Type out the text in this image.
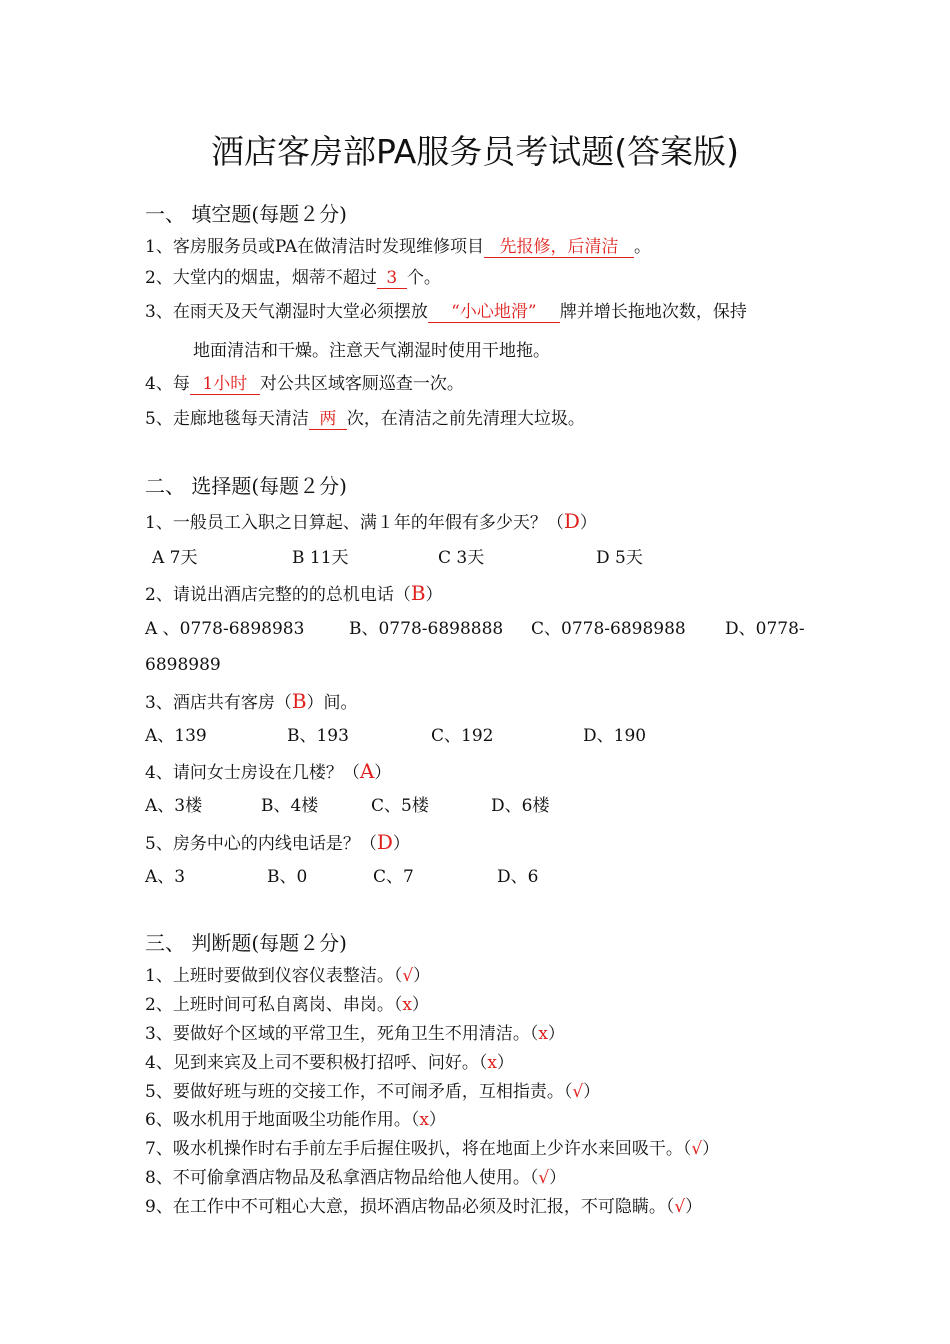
酒店客房部PA服务员考试题(答案版)
一、 填空题(每题２分)
1、客房服务员或PA在做清洁时发现维修项目 先报修，后清洁 。
2、大堂内的烟盅，烟蒂不超过 3 个。
3、在雨天及天气潮湿时大堂必须摆放 “小心地滑” 牌并增长拖地次数，保持
地面清洁和干燥。注意天气潮湿时使用干地拖。
4、每 1小时 对公共区域客厕巡查一次。
5、走廊地毯每天清洁 两 次，在清洁之前先清理大垃圾。
二、 选择题(每题２分)
1、一般员工入职之日算起、满１年的年假有多少天？（D）
A 7天	B 11天	C 3天	D 5天
2、请说出酒店完整的的总机电话（B）
A 、0778-6898983	B、0778-6898888 C、0778-6898988 D、0778-
6898989
3、酒店共有客房（B）间。
A、139	B、193	C、192	D、190
4、请问女士房设在几楼？（A）
A、3楼	B、4楼	C、5楼	D、6楼
5、房务中心的内线电话是？（D）
A、3	B、0	C、7	D、6
三、 判断题(每题２分)
1、上班时要做到仪容仪表整洁。（√）
2、上班时间可私自离岗、串岗。（x）
3、要做好个区域的平常卫生，死角卫生不用清洁。（x）
4、见到来宾及上司不要积极打招呼、问好。（x）
5、要做好班与班的交接工作，不可闹矛盾，互相指责。（√）
6、吸水机用于地面吸尘功能作用。（x）
7、吸水机操作时右手前左手后握住吸扒，将在地面上少许水来回吸干。（√）
8、不可偷拿酒店物品及私拿酒店物品给他人使用。（√）
9、在工作中不可粗心大意，损坏酒店物品必须及时汇报，不可隐瞒。（√）
